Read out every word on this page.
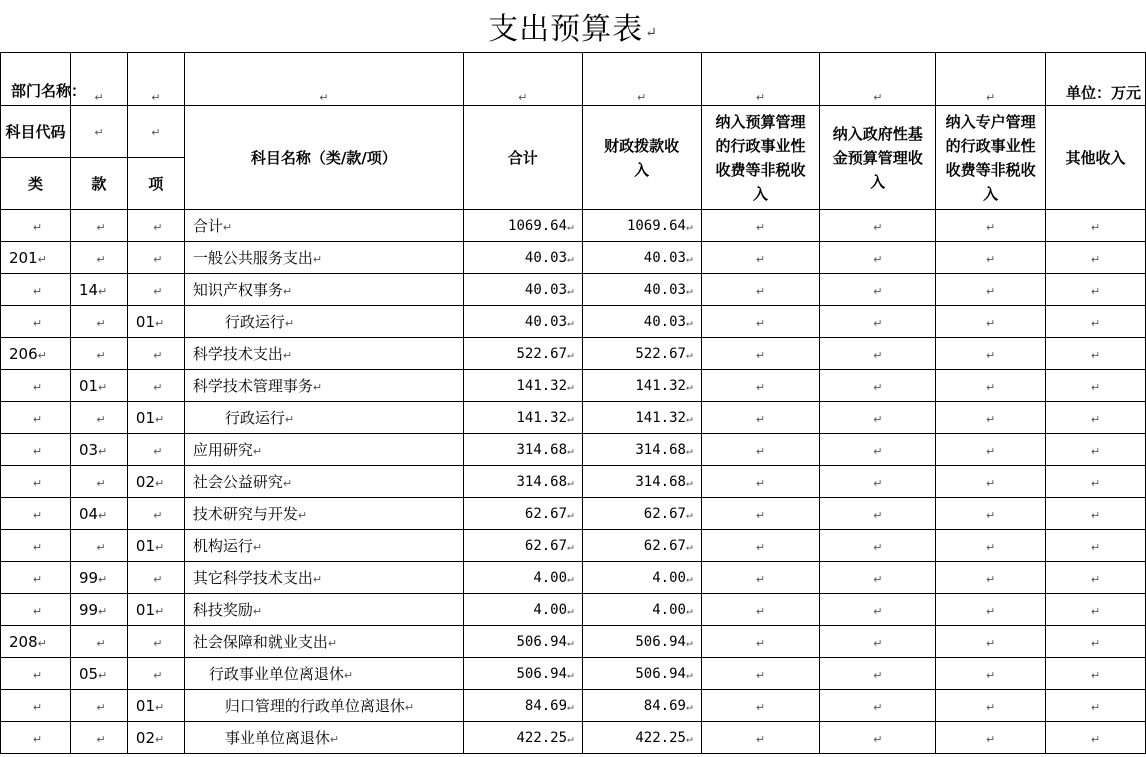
支出预算表 ↵
部门名称：	↵	↵	↵	↵	↵	↵	↵	↵	单位：万元
科目代码	↵	↵	科目名称（类/款/项）	合计	财政拨款收入	纳入预算管理的行政事业性收费等非税收入	纳入政府性基金预算管理收入	纳入专户管理的行政事业性收费等非税收入	其他收入
类	款	项							
↵	↵	↵	合计↵	1069.64↵	1069.64↵	↵	↵	↵	↵
201↵	↵	↵	一般公共服务支出↵	40.03↵	40.03↵	↵	↵	↵	↵
↵	14↵	↵	知识产权事务↵	40.03↵	40.03↵	↵	↵	↵	↵
↵	↵	01↵	行政运行↵	40.03↵	40.03↵	↵	↵	↵	↵
206↵	↵	↵	科学技术支出↵	522.67↵	522.67↵	↵	↵	↵	↵
↵	01↵	↵	科学技术管理事务↵	141.32↵	141.32↵	↵	↵	↵	↵
↵	↵	01↵	行政运行↵	141.32↵	141.32↵	↵	↵	↵	↵
↵	03↵	↵	应用研究↵	314.68↵	314.68↵	↵	↵	↵	↵
↵	↵	02↵	社会公益研究↵	314.68↵	314.68↵	↵	↵	↵	↵
↵	04↵	↵	技术研究与开发↵	62.67↵	62.67↵	↵	↵	↵	↵
↵	↵	01↵	机构运行↵	62.67↵	62.67↵	↵	↵	↵	↵
↵	99↵	↵	其它科学技术支出↵	4.00↵	4.00↵	↵	↵	↵	↵
↵	99↵	01↵	科技奖励↵	4.00↵	4.00↵	↵	↵	↵	↵
208↵	↵	↵	社会保障和就业支出↵	506.94↵	506.94↵	↵	↵	↵	↵
↵	05↵	↵	行政事业单位离退休↵	506.94↵	506.94↵	↵	↵	↵	↵
↵	↵	01↵	归口管理的行政单位离退休↵	84.69↵	84.69↵	↵	↵	↵	↵
↵	↵	02↵	事业单位离退休↵	422.25↵	422.25↵	↵	↵	↵	↵
